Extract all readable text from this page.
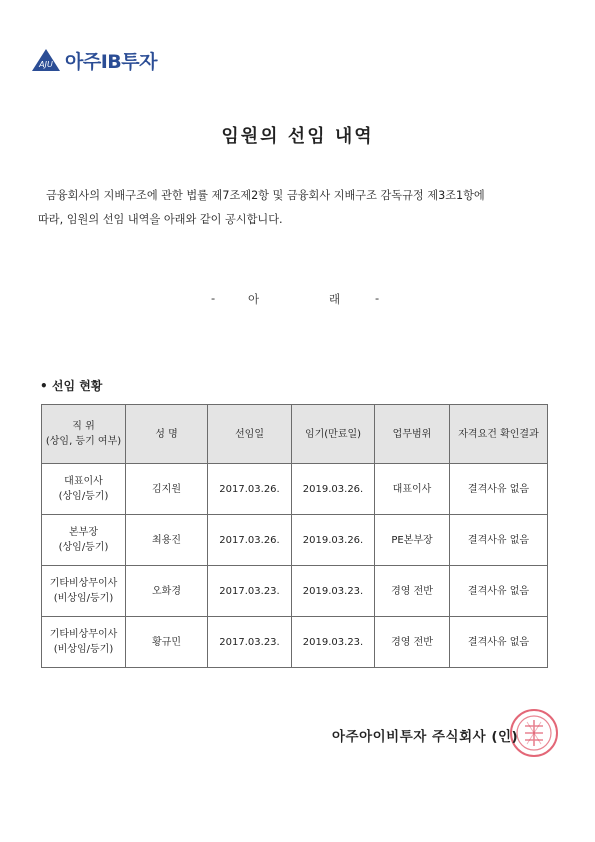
AJU 아주IB투자
임원의 선임 내역
금융회사의 지배구조에 관한 법률 제7조제2항 및 금융회사 지배구조 감독규정 제3조1항에
따라, 임원의 선임 내역을 아래와 같이 공시합니다.
-	아	래	-
• 선임 현황
직 위
(상임, 등기 여부)	성 명	선임일	임기(만료일)	업무범위	자격요건 확인결과

대표이사
(상임/등기)	김지원	2017.03.26.	2019.03.26.	대표이사	결격사유 없음

본부장
(상임/등기)	최용진	2017.03.26.	2019.03.26.	PE본부장	결격사유 없음

기타비상무이사
(비상임/등기)	오화경	2017.03.23.	2019.03.23.	경영 전반	결격사유 없음

기타비상무이사
(비상임/등기)	황규민	2017.03.23.	2019.03.23.	경영 전반	결격사유 없음
아주아이비투자 주식회사 (인)
